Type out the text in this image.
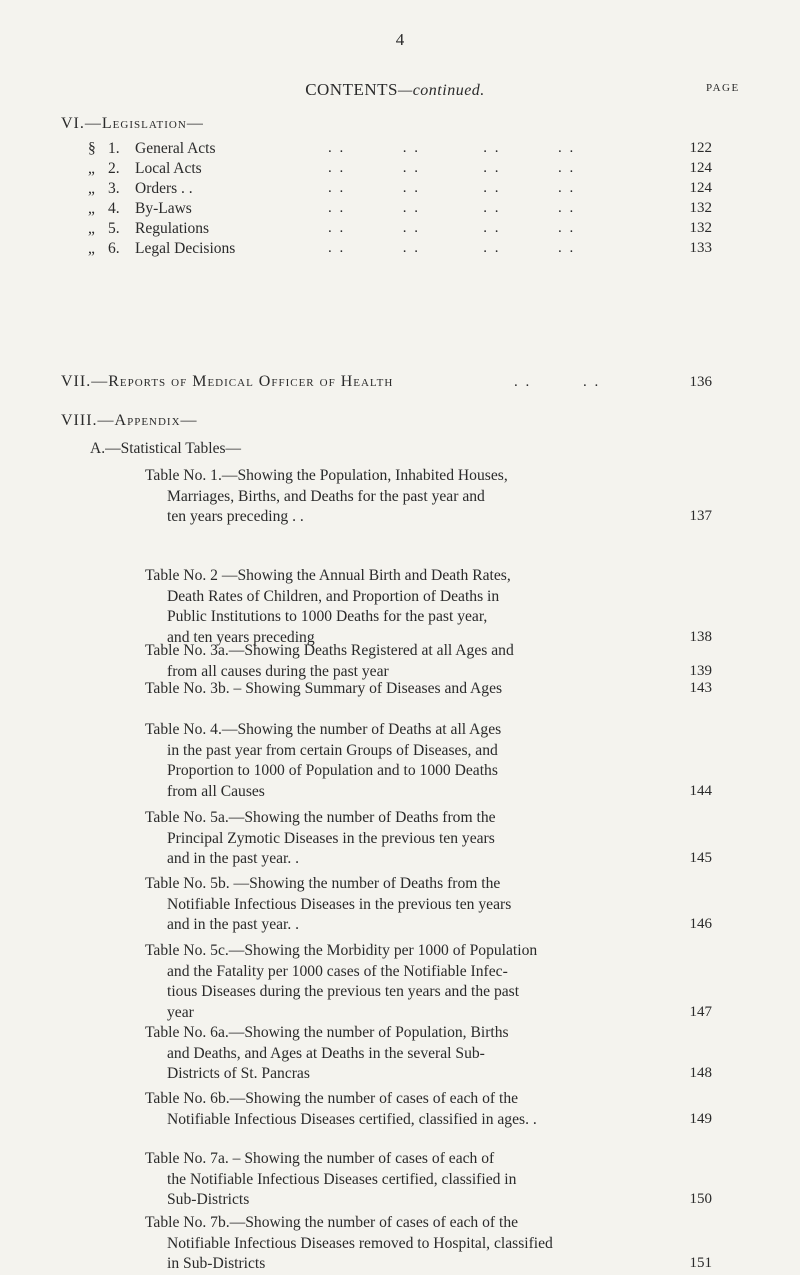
4
CONTENTS—continued.	PAGE
VI.—Legislation—
§ 1. General Acts	. .          . .           . .          . .	122
„ 2. Local Acts	. .          . .           . .          . .	124
„ 3. Orders . .	. .          . .           . .          . .	124
„ 4. By-Laws	. .          . .           . .          . .	132
„ 5. Regulations	. .          . .           . .          . .	132
„ 6. Legal Decisions	. .          . .           . .          . .	133
VII.—Reports of Medical Officer of Health	. .         . .	136
VIII.—Appendix—
A.—Statistical Tables—
Table No. 1.—Showing the Population, Inhabited Houses,
Marriages, Births, and Deaths for the past year and
ten years preceding . .	137
Table No. 2 —Showing the Annual Birth and Death Rates,
Death Rates of Children, and Proportion of Deaths in
Public Institutions to 1000 Deaths for the past year,
and ten years preceding	138
Table No. 3a.—Showing Deaths Registered at all Ages and
from all causes during the past year	139
Table No. 3b. – Showing Summary of Diseases and Ages	143
Table No. 4.—Showing the number of Deaths at all Ages
in the past year from certain Groups of Diseases, and
Proportion to 1000 of Population and to 1000 Deaths
from all Causes	144
Table No. 5a.—Showing the number of Deaths from the
Principal Zymotic Diseases in the previous ten years
and in the past year. .	145
Table No. 5b. —Showing the number of Deaths from the
Notifiable Infectious Diseases in the previous ten years
and in the past year. .	146
Table No. 5c.—Showing the Morbidity per 1000 of Population
and the Fatality per 1000 cases of the Notifiable Infec-
tious Diseases during the previous ten years and the past
year	147
Table No. 6a.—Showing the number of Population, Births
and Deaths, and Ages at Deaths in the several Sub-
Districts of St. Pancras	148
Table No. 6b.—Showing the number of cases of each of the
Notifiable Infectious Diseases certified, classified in ages. .	149
Table No. 7a. – Showing the number of cases of each of
the Notifiable Infectious Diseases certified, classified in
Sub-Districts	150
Table No. 7b.—Showing the number of cases of each of the
Notifiable Infectious Diseases removed to Hospital, classified
in Sub-Districts	151
